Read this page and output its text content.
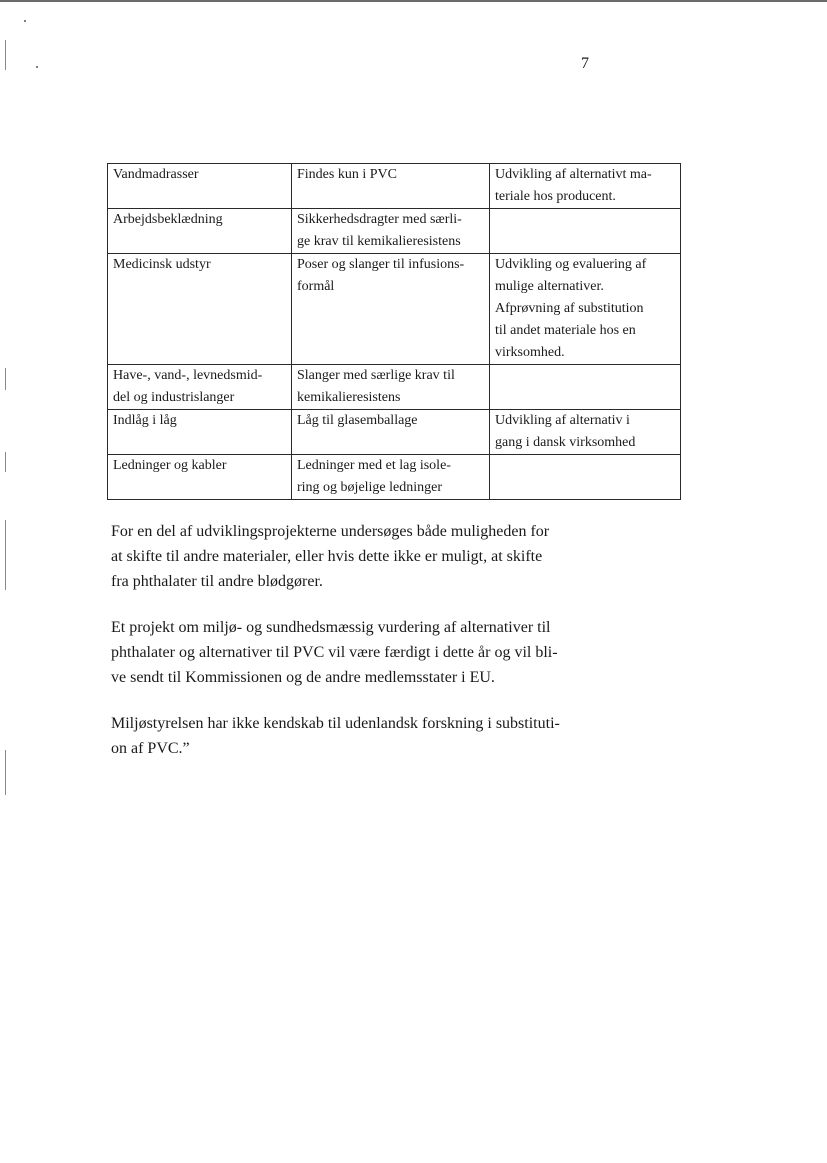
7
Vandmadrasser	Findes kun i PVC	Udvikling af alternativt ma-
teriale hos producent.

Arbejdsbeklædning	Sikkerhedsdragter med særli-
ge krav til kemikalieresistens	

Medicinsk udstyr	Poser og slanger til infusions-
formål	Udvikling og evaluering af
mulige alternativer.
Afprøvning af substitution
til andet materiale hos en
virksomhed.

Have-, vand-, levnedsmid-
del og industrislanger	Slanger med særlige krav til
kemikalieresistens	

Indlåg i låg	Låg til glasemballage	Udvikling af alternativ i
gang i dansk virksomhed

Ledninger og kabler	Ledninger med et lag isole-
ring og bøjelige ledninger	

For en del af udviklingsprojekterne undersøges både muligheden for
at skifte til andre materialer, eller hvis dette ikke er muligt, at skifte
fra phthalater til andre blødgører.
Et projekt om miljø- og sundhedsmæssig vurdering af alternativer til
phthalater og alternativer til PVC vil være færdigt i dette år og vil bli-
ve sendt til Kommissionen og de andre medlemsstater i EU.
Miljøstyrelsen har ikke kendskab til udenlandsk forskning i substituti-
on af PVC.”
